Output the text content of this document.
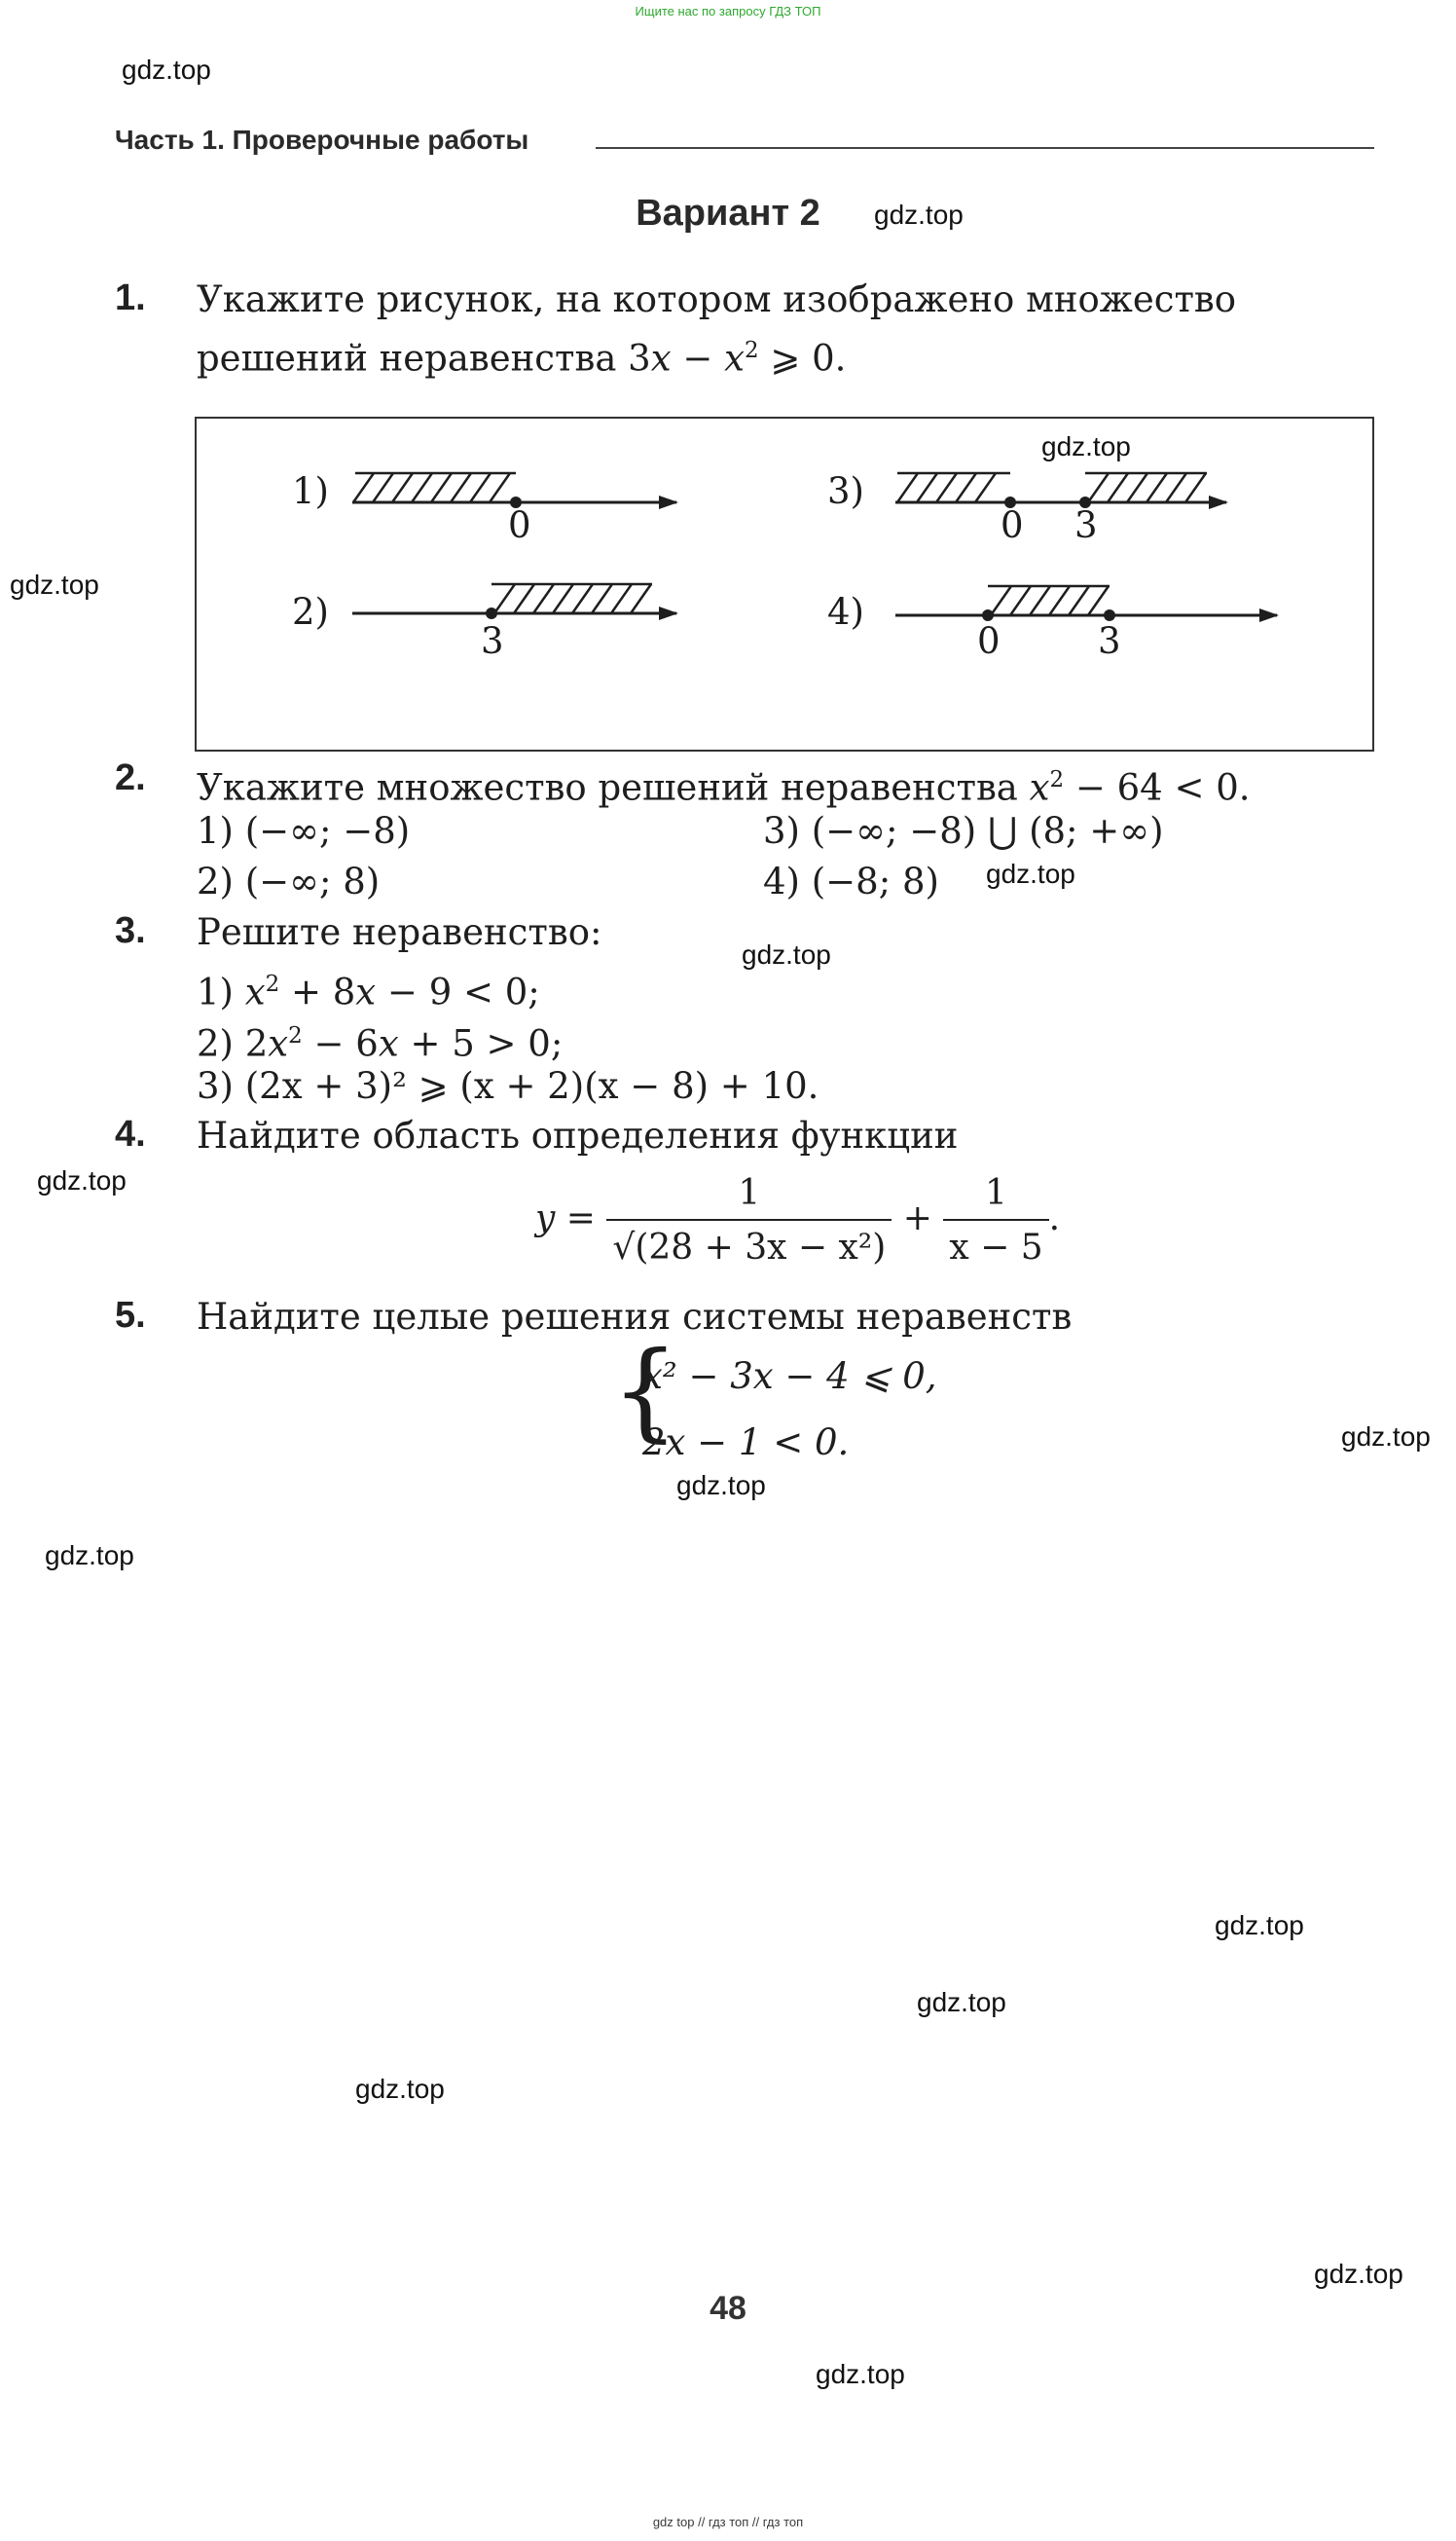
Ищите нас по запросу ГДЗ ТОП
gdz.top
gdz.top
gdz.top
gdz.top
gdz.top
gdz.top
gdz.top
gdz.top
gdz.top
gdz.top
gdz.top
gdz.top
gdz.top
gdz.top
gdz.top
Часть 1. Проверочные работы
Вариант 2
1. Укажите рисунок, на котором изображено множество
решений неравенства $3x - x^2$ ⩾ 0.
1)
0
2)
3
3)
0 3
4)
0	3
2. Укажите множество решений неравенства $x^2 - 64 < 0$.
1) (−∞; −8)
2) (−∞; 8)
3) (−∞; −8) ⋃ (8; +∞)
4) (−8; 8)
3. Решите неравенство:
1) $x^2 + 8x - 9 < 0$;
2) $2x^2 - 6x + 5 > 0$;
3) (2x + 3)² ⩾ (x + 2)(x − 8) + 10.
4. Найдите область определения функции
$y = \frac{1}{\text{√(28 + 3x − x²)}} + \frac{1}{x - 5}$ .
5. Найдите целые решения системы неравенств
{
x² − 3x − 4 ⩽ 0,
2x − 1 < 0.
48
gdz top // гдз топ // гдз топ
